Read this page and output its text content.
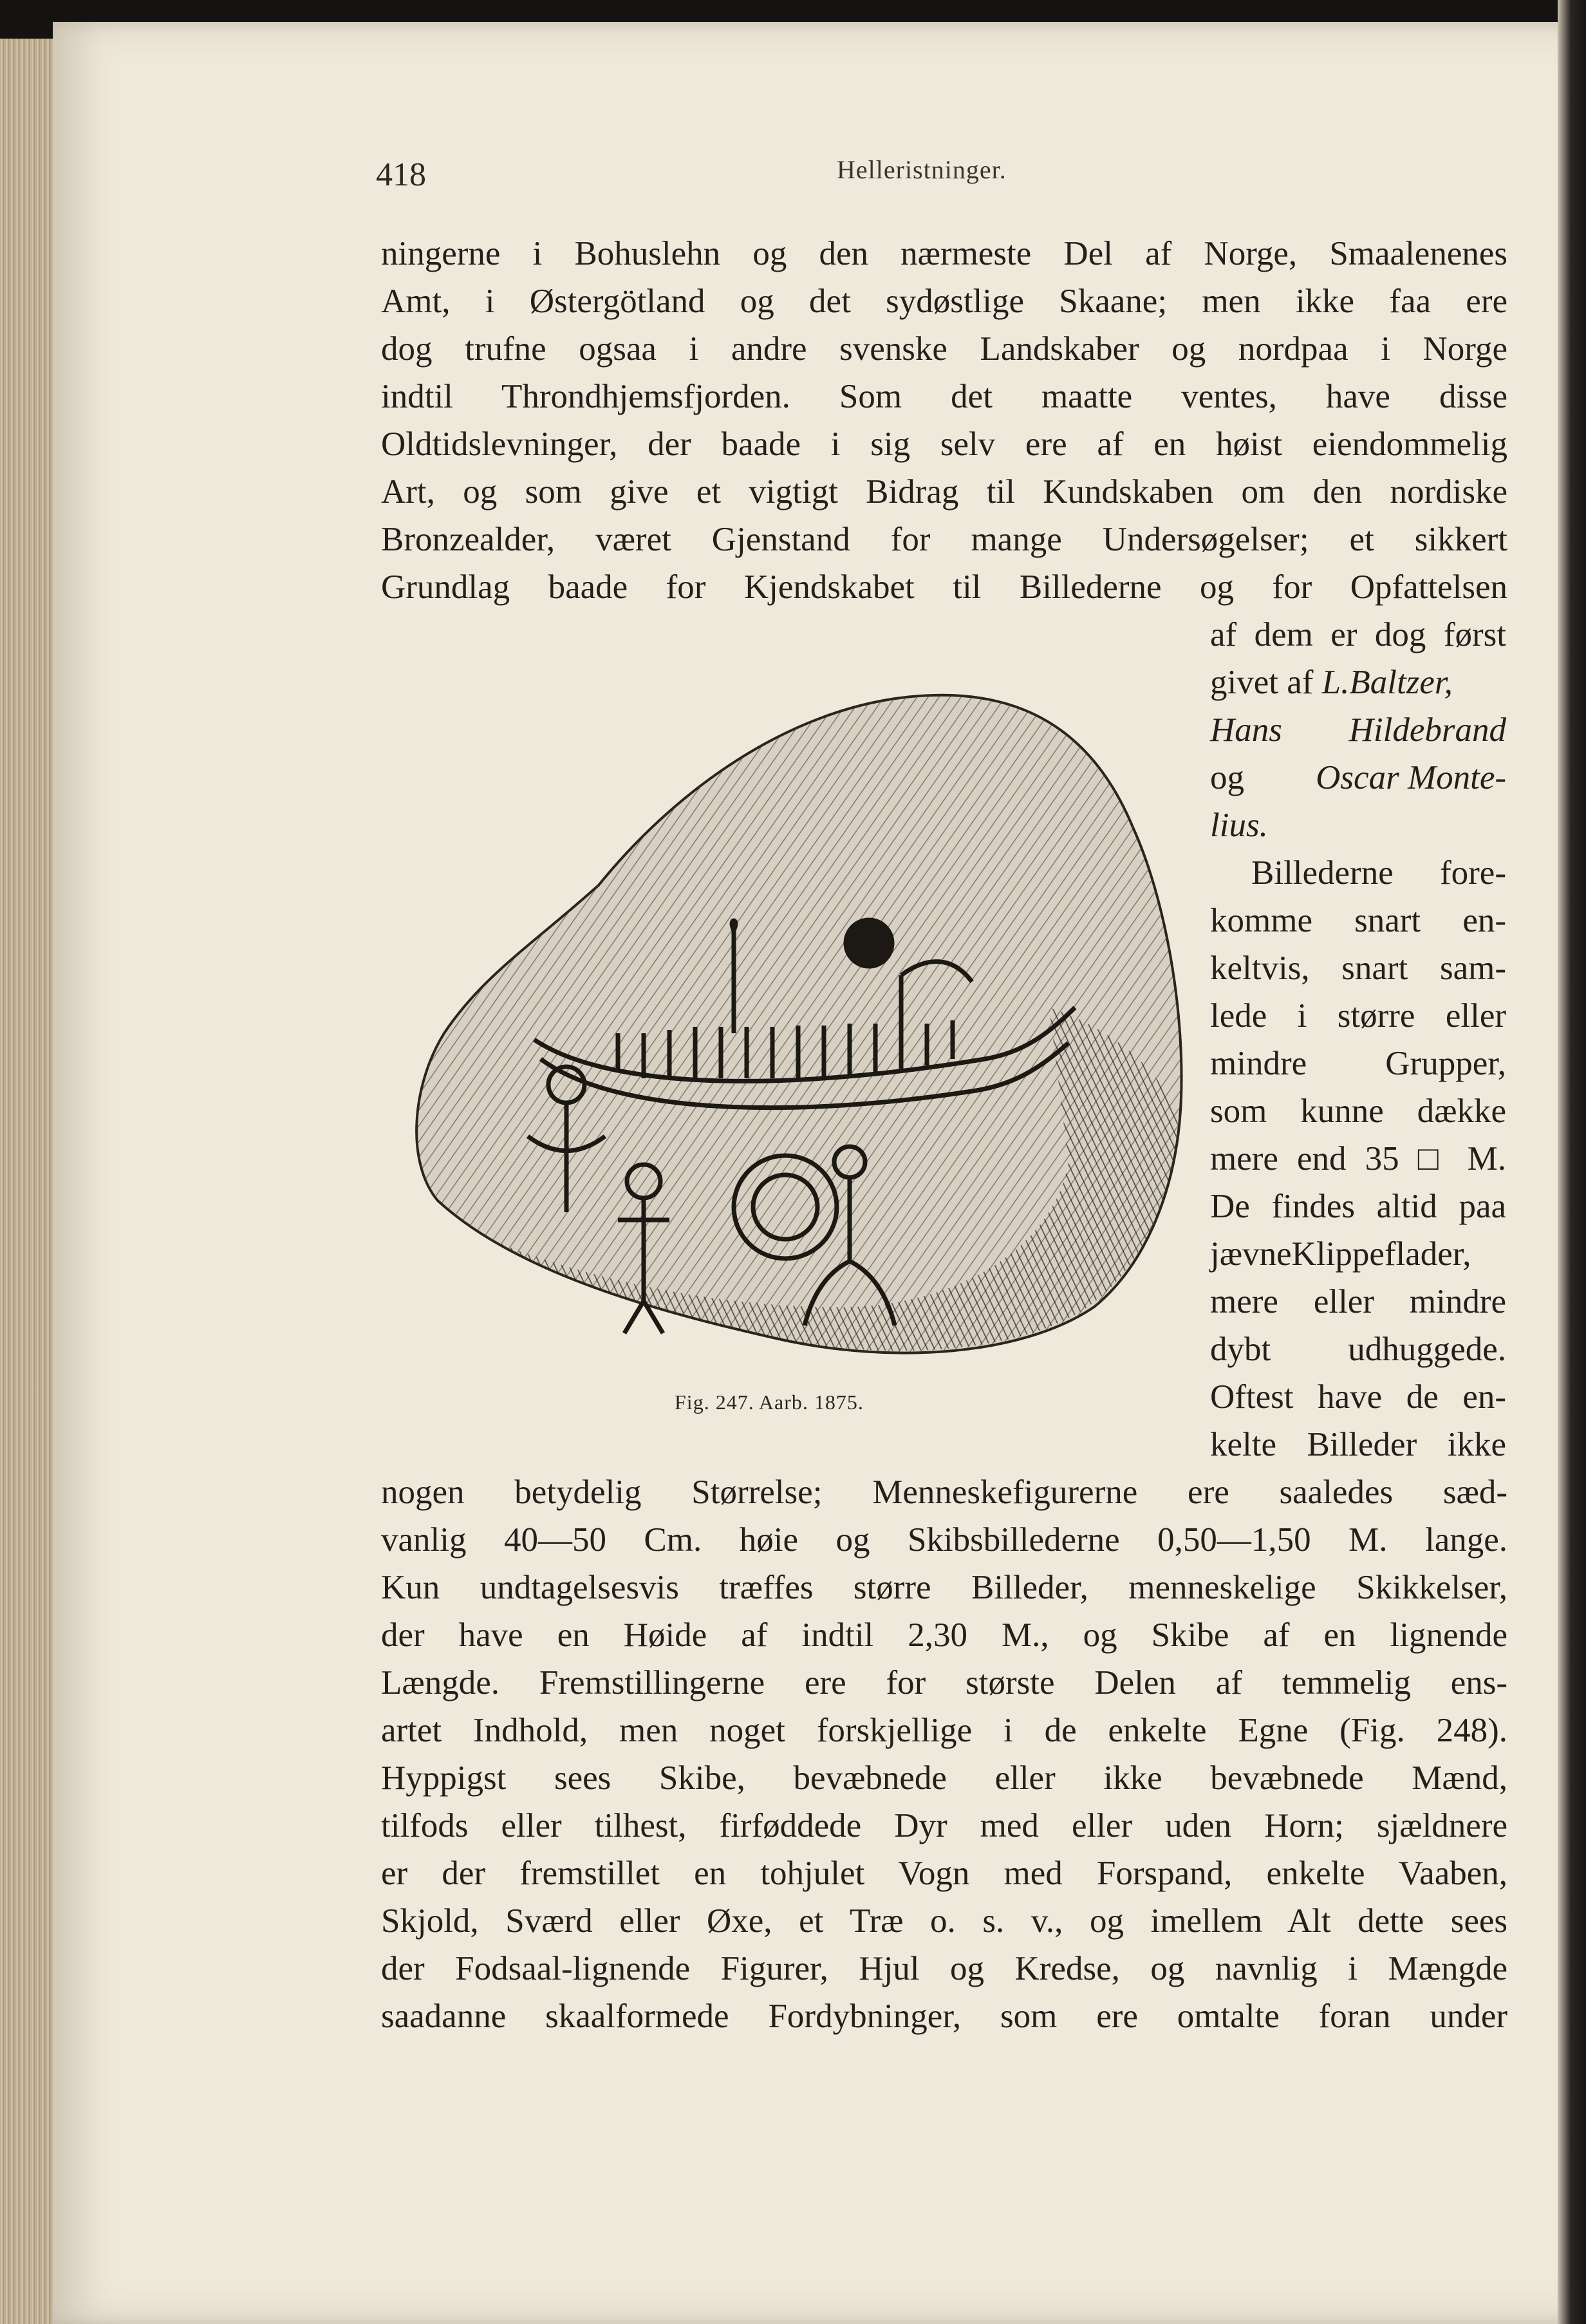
418	Helleristninger.
ningerne i Bohuslehn og den nærmeste Del af Norge, Smaalenenes
Amt, i Østergötland og det sydøstlige Skaane; men ikke faa ere
dog trufne ogsaa i andre svenske Landskaber og nordpaa i Norge
indtil Throndhjemsfjorden. Som det maatte ventes, have disse
Oldtidslevninger, der baade i sig selv ere af en høist eiendommelig
Art, og som give et vigtigt Bidrag til Kundskaben om den nordiske
Bronzealder, været Gjenstand for mange Undersøgelser; et sikkert
Grundlag baade for Kjendskabet til Billederne og for Opfattelsen
af dem er dog først
givet af L.Baltzer,
Hans Hildebrand
og Oscar Monte-
lius.
Billederne fore-
komme snart en-
keltvis, snart sam-
lede i større eller
mindre Grupper,
som kunne dække
mere end 35 □ M.
De findes altid paa
jævneKlippeflader,
mere eller mindre
dybt udhuggede.
Oftest have de en-
kelte Billeder ikke
Fig. 247. Aarb. 1875.
nogen betydelig Størrelse; Menneskefigurerne ere saaledes sæd-
vanlig 40—50 Cm. høie og Skibsbillederne 0,50—1,50 M. lange.
Kun undtagelsesvis træffes større Billeder, menneskelige Skikkelser,
der have en Høide af indtil 2,30 M., og Skibe af en lignende
Længde. Fremstillingerne ere for største Delen af temmelig ens-
artet Indhold, men noget forskjellige i de enkelte Egne (Fig. 248).
Hyppigst sees Skibe, bevæbnede eller ikke bevæbnede Mænd,
tilfods eller tilhest, firføddede Dyr med eller uden Horn; sjældnere
er der fremstillet en tohjulet Vogn med Forspand, enkelte Vaaben,
Skjold, Sværd eller Øxe, et Træ o. s. v., og imellem Alt dette sees
der Fodsaal-lignende Figurer, Hjul og Kredse, og navnlig i Mængde
saadanne skaalformede Fordybninger, som ere omtalte foran under
